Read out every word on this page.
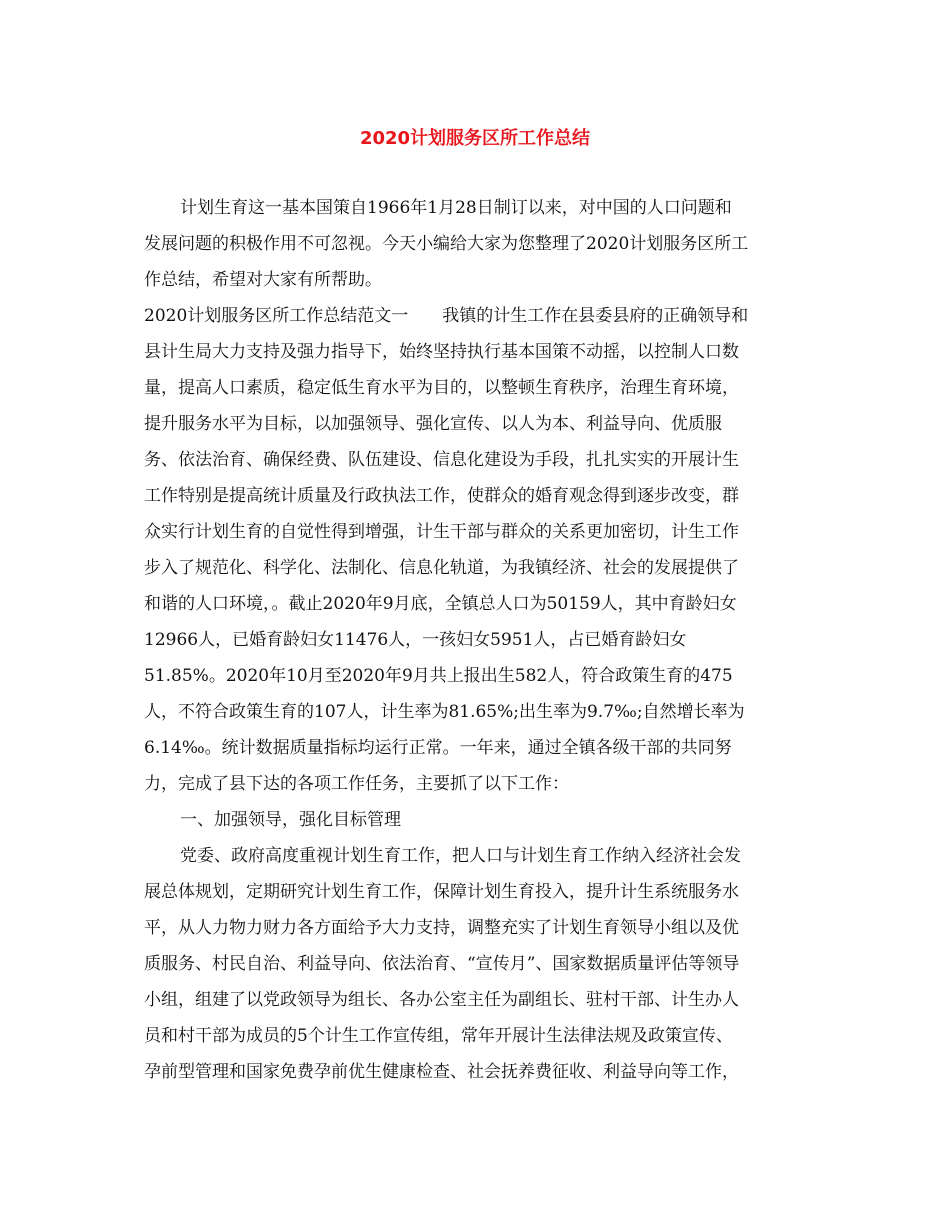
2020计划服务区所工作总结
计划生育这一基本国策自1966年1月28日制订以来，对中国的人口问题和
发展问题的积极作用不可忽视。今天小编给大家为您整理了2020计划服务区所工
作总结，希望对大家有所帮助。
2020计划服务区所工作总结范文一　　我镇的计生工作在县委县府的正确领导和
县计生局大力支持及强力指导下，始终坚持执行基本国策不动摇，以控制人口数
量，提高人口素质，稳定低生育水平为目的，以整顿生育秩序，治理生育环境，
提升服务水平为目标，以加强领导、强化宣传、以人为本、利益导向、优质服
务、依法治育、确保经费、队伍建设、信息化建设为手段，扎扎实实的开展计生
工作特别是提高统计质量及行政执法工作，使群众的婚育观念得到逐步改变，群
众实行计划生育的自觉性得到增强，计生干部与群众的关系更加密切，计生工作
步入了规范化、科学化、法制化、信息化轨道，为我镇经济、社会的发展提供了
和谐的人口环境，。截止2020年9月底，全镇总人口为50159人，其中育龄妇女
12966人，已婚育龄妇女11476人，一孩妇女5951人，占已婚育龄妇女
51.85%。2020年10月至2020年9月共上报出生582人，符合政策生育的475
人，不符合政策生育的107人，计生率为81.65%;出生率为9.7‰;自然增长率为
6.14‰。统计数据质量指标均运行正常。一年来，通过全镇各级干部的共同努
力，完成了县下达的各项工作任务，主要抓了以下工作：
一、加强领导，强化目标管理
党委、政府高度重视计划生育工作，把人口与计划生育工作纳入经济社会发
展总体规划，定期研究计划生育工作，保障计划生育投入，提升计生系统服务水
平，从人力物力财力各方面给予大力支持，调整充实了计划生育领导小组以及优
质服务、村民自治、利益导向、依法治育、“宣传月”、国家数据质量评估等领导
小组，组建了以党政领导为组长、各办公室主任为副组长、驻村干部、计生办人
员和村干部为成员的5个计生工作宣传组，常年开展计生法律法规及政策宣传、
孕前型管理和国家免费孕前优生健康检查、社会抚养费征收、利益导向等工作，
